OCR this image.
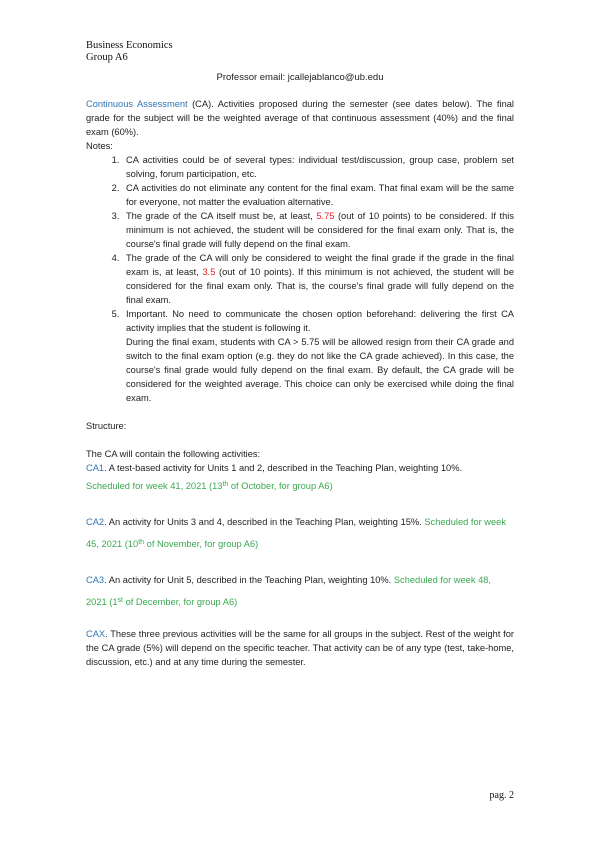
Business Economics
Group A6
Professor email: jcallejablanco@ub.edu

Continuous Assessment (CA). Activities proposed during the semester (see dates below). The final grade for the subject will be the weighted average of that continuous assessment (40%) and the final exam (60%).

Notes:

1. CA activities could be of several types: individual test/discussion, group case, problem set solving, forum participation, etc.
2. CA activities do not eliminate any content for the final exam. That final exam will be the same for everyone, not matter the evaluation alternative.
3. The grade of the CA itself must be, at least, 5.75 (out of 10 points) to be considered. If this minimum is not achieved, the student will be considered for the final exam only. That is, the course's final grade will fully depend on the final exam.
4. The grade of the CA will only be considered to weight the final grade if the grade in the final exam is, at least, 3.5 (out of 10 points). If this minimum is not achieved, the student will be considered for the final exam only. That is, the course's final grade will fully depend on the final exam.
5. Important. No need to communicate the chosen option beforehand: delivering the first CA activity implies that the student is following it.
During the final exam, students with CA > 5.75 will be allowed resign from their CA grade and switch to the final exam option (e.g. they do not like the CA grade achieved). In this case, the course's final grade would fully depend on the final exam. By default, the CA grade will be considered for the weighted average. This choice can only be exercised while doing the final exam.

Structure:

The CA will contain the following activities:

CA1. A test-based activity for Units 1 and 2, described in the Teaching Plan, weighting 10%.
Scheduled for week 41, 2021 (13th of October, for group A6)

CA2. An activity for Units 3 and 4, described in the Teaching Plan, weighting 15%. Scheduled for week 45, 2021 (10th of November, for group A6)

CA3. An activity for Unit 5, described in the Teaching Plan, weighting 10%. Scheduled for week 48, 2021 (1st of December, for group A6)

CAX. These three previous activities will be the same for all groups in the subject. Rest of the weight for the CA grade (5%) will depend on the specific teacher. That activity can be of any type (test, take-home, discussion, etc.) and at any time during the semester.

pag. 2
